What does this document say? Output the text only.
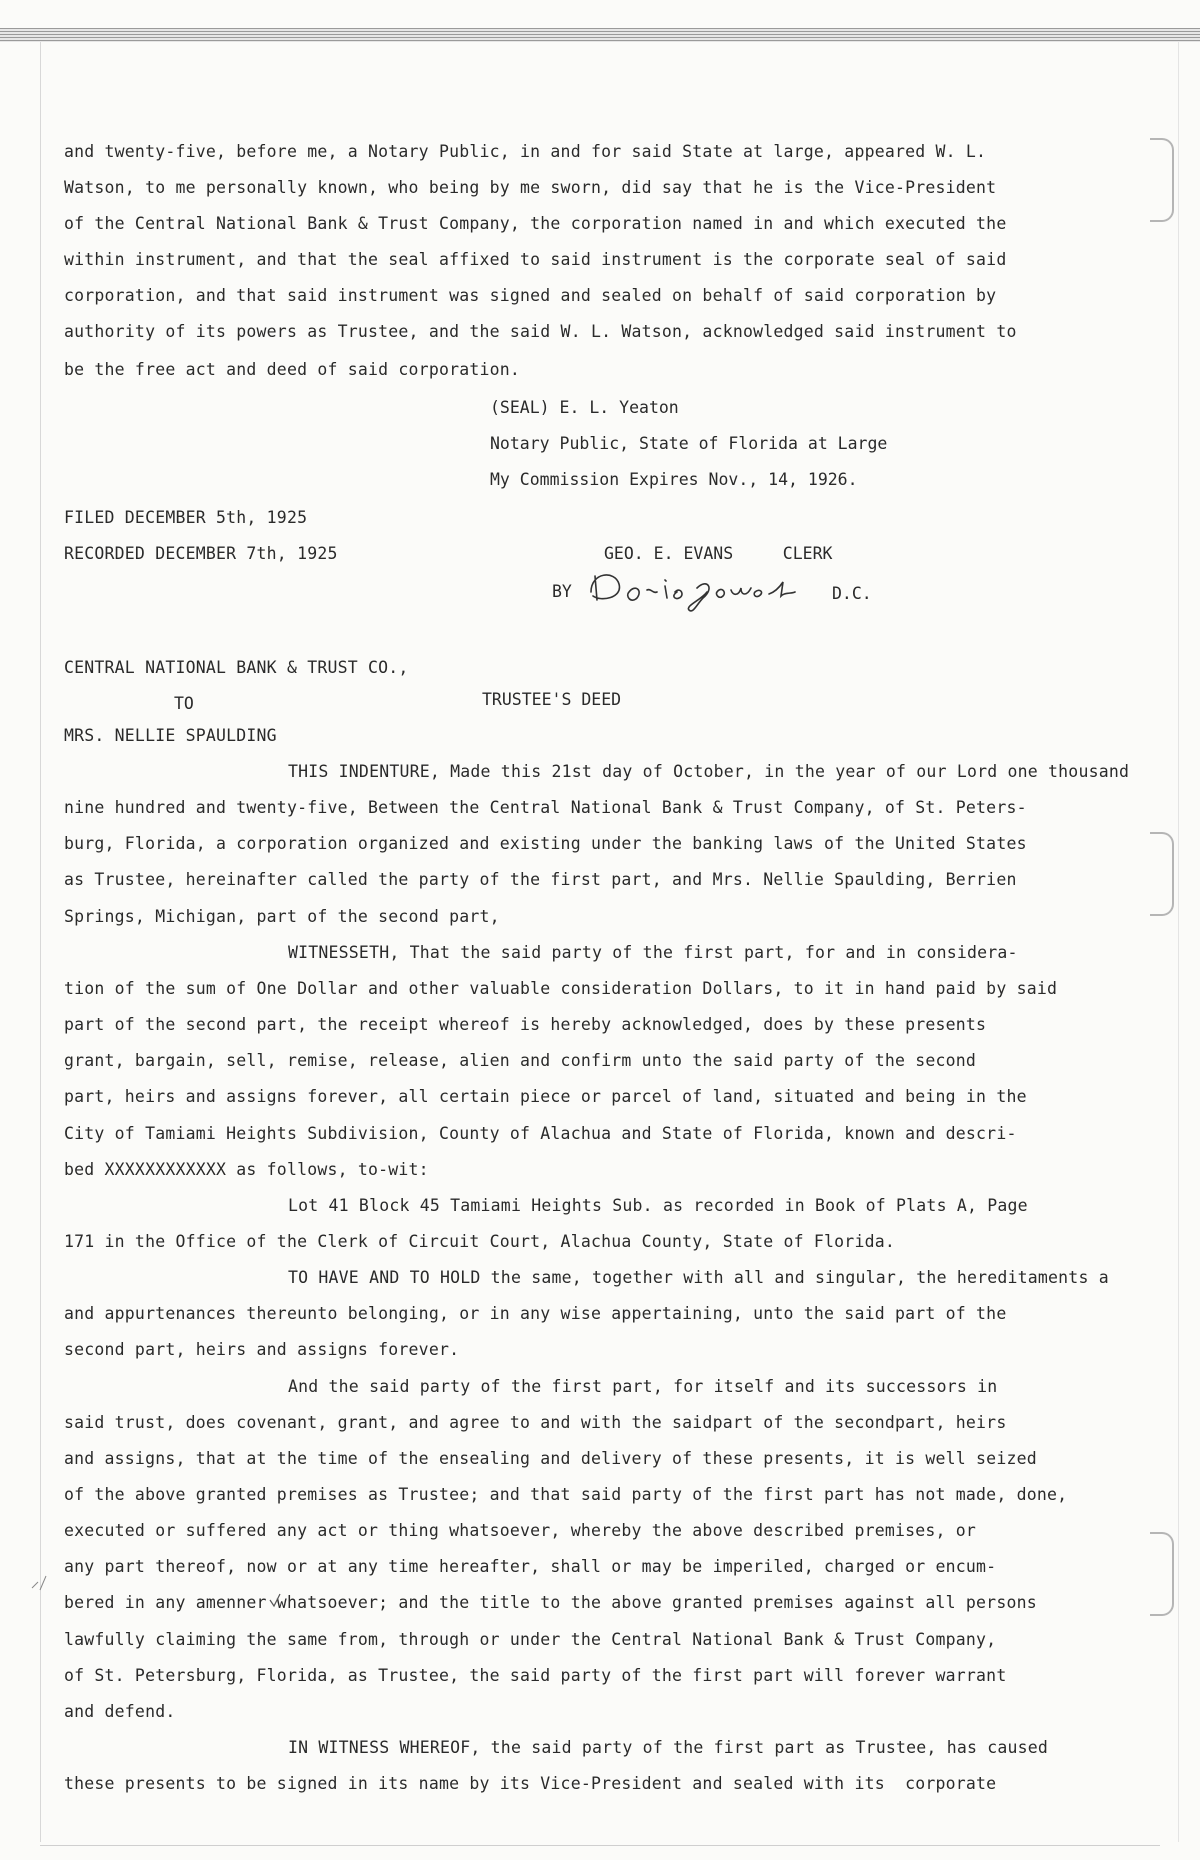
and twenty-five, before me, a Notary Public, in and for said State at large, appeared W. L.
Watson, to me personally known, who being by me sworn, did say that he is the Vice-President
of the Central National Bank & Trust Company, the corporation named in and which executed the
within instrument, and that the seal affixed to said instrument is the corporate seal of said
corporation, and that said instrument was signed and sealed on behalf of said corporation by
authority of its powers as Trustee, and the said W. L. Watson, acknowledged said instrument to
be the free act and deed of said corporation.
(SEAL) E. L. Yeaton
Notary Public, State of Florida at Large
My Commission Expires Nov., 14, 1926.
FILED DECEMBER 5th, 1925
RECORDED DECEMBER 7th, 1925	GEO. E. EVANS     CLERK
BY	D.C.
CENTRAL NATIONAL BANK & TRUST CO.,
TO	TRUSTEE'S DEED
MRS. NELLIE SPAULDING
THIS INDENTURE, Made this 21st day of October, in the year of our Lord one thousand
nine hundred and twenty-five, Between the Central National Bank & Trust Company, of St. Peters-
burg, Florida, a corporation organized and existing under the banking laws of the United States
as Trustee, hereinafter called the party of the first part, and Mrs. Nellie Spaulding, Berrien
Springs, Michigan, part of the second part,
WITNESSETH, That the said party of the first part, for and in considera-
tion of the sum of One Dollar and other valuable consideration Dollars, to it in hand paid by said
part of the second part, the receipt whereof is hereby acknowledged, does by these presents
grant, bargain, sell, remise, release, alien and confirm unto the said party of the second
part, heirs and assigns forever, all certain piece or parcel of land, situated and being in the
City of Tamiami Heights Subdivision, County of Alachua and State of Florida, known and descri-
bed XXXXXXXXXXXX as follows, to-wit:
Lot 41 Block 45 Tamiami Heights Sub. as recorded in Book of Plats A, Page
171 in the Office of the Clerk of Circuit Court, Alachua County, State of Florida.
TO HAVE AND TO HOLD the same, together with all and singular, the hereditaments a
and appurtenances thereunto belonging, or in any wise appertaining, unto the said part of the
second part, heirs and assigns forever.
And the said party of the first part, for itself and its successors in
said trust, does covenant, grant, and agree to and with the saidpart of the secondpart, heirs
and assigns, that at the time of the ensealing and delivery of these presents, it is well seized
of the above granted premises as Trustee; and that said party of the first part has not made, done,
executed or suffered any act or thing whatsoever, whereby the above described premises, or
any part thereof, now or at any time hereafter, shall or may be imperiled, charged or encum-
bered in any amenner whatsoever; and the title to the above granted premises against all persons
lawfully claiming the same from, through or under the Central National Bank & Trust Company,
of St. Petersburg, Florida, as Trustee, the said party of the first part will forever warrant
and defend.
IN WITNESS WHEREOF, the said party of the first part as Trustee, has caused
these presents to be signed in its name by its Vice-President and sealed with its  corporate
